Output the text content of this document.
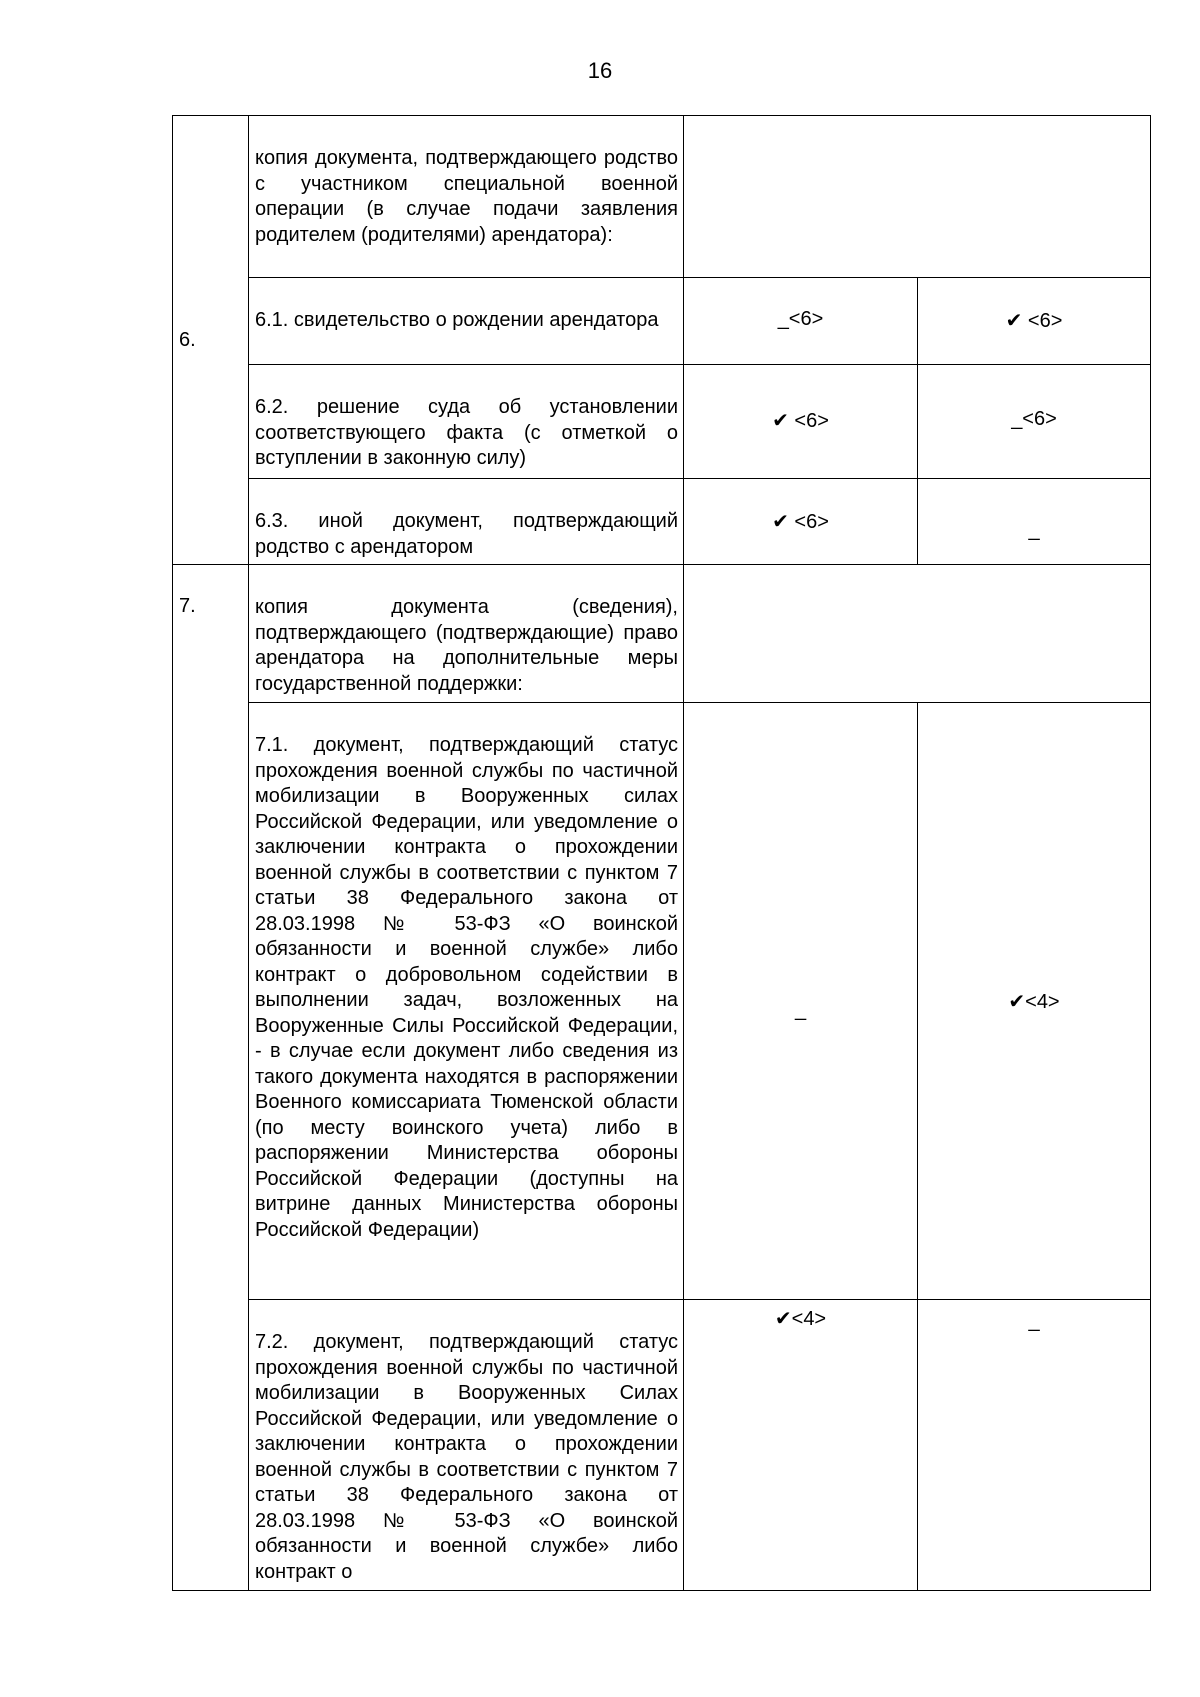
16
6.	копия документа, подтверждающего родство с участником специальной военной операции (в случае подачи заявления родителем (родителями) арендатора):		

	6.1. свидетельство о рождении арендатора	_<6>	✔ <6>

	6.2. решение суда об установлении соответствующего факта (с отметкой о вступлении в законную силу)	✔ <6>	_<6>

	6.3. иной документ, подтверждающий родство с арендатором	✔ <6>	_

7.	копия документа (сведения), подтверждающего (подтверждающие) право арендатора на дополнительные меры государственной поддержки:		

	7.1. документ, подтверждающий статус прохождения военной службы по частичной мобилизации в Вооруженных силах Российской Федерации, или уведомление о заключении контракта о прохождении военной службы в соответствии с пунктом 7 статьи 38 Федерального закона от 28.03.1998 № 53-ФЗ «О воинской обязанности и военной службе» либо контракт о добровольном содействии в выполнении задач, возложенных на Вооруженные Силы Российской Федерации, - в случае если документ либо сведения из такого документа находятся в распоряжении Военного комиссариата Тюменской области (по месту воинского учета) либо в распоряжении Министерства обороны Российской Федерации (доступны на витрине данных Министерства обороны Российской Федерации)	_	✔<4>

	7.2. документ, подтверждающий статус прохождения военной службы по частичной мобилизации в Вооруженных Силах Российской Федерации, или уведомление о заключении контракта о прохождении военной службы в соответствии с пунктом 7 статьи 38 Федерального закона от 28.03.1998 № 53-ФЗ «О воинской обязанности и военной службе» либо контракт о	✔<4>	_
